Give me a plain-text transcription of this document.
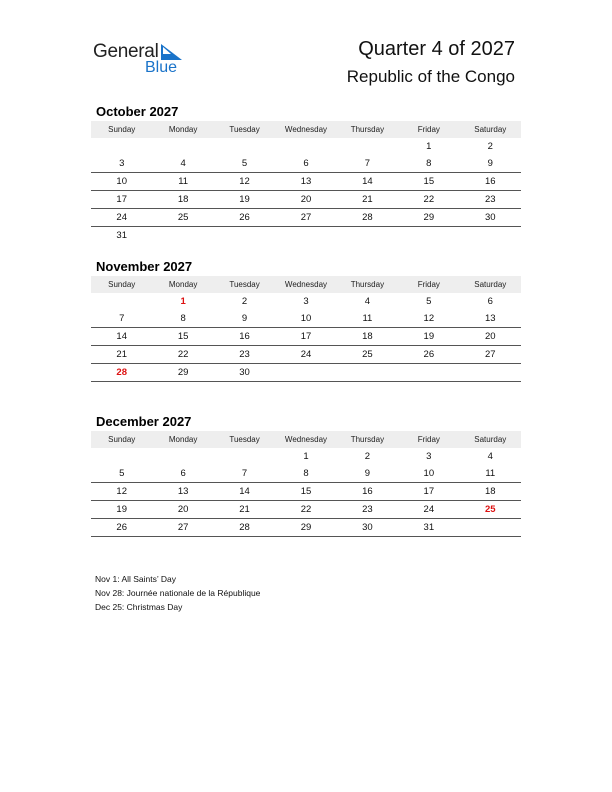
General
Blue
Quarter 4 of 2027
Republic of the Congo
October 2027
Sunday	Monday	Tuesday	Wednesday	Thursday	Friday	Saturday
					1	2
3	4	5	6	7	8	9
10	11	12	13	14	15	16
17	18	19	20	21	22	23
24	25	26	27	28	29	30
31						
November 2027
Sunday	Monday	Tuesday	Wednesday	Thursday	Friday	Saturday
	1	2	3	4	5	6
7	8	9	10	11	12	13
14	15	16	17	18	19	20
21	22	23	24	25	26	27
28	29	30				
December 2027
Sunday	Monday	Tuesday	Wednesday	Thursday	Friday	Saturday
			1	2	3	4
5	6	7	8	9	10	11
12	13	14	15	16	17	18
19	20	21	22	23	24	25
26	27	28	29	30	31	
Nov 1: All Saints’ Day
Nov 28: Journée nationale de la République
Dec 25: Christmas Day
